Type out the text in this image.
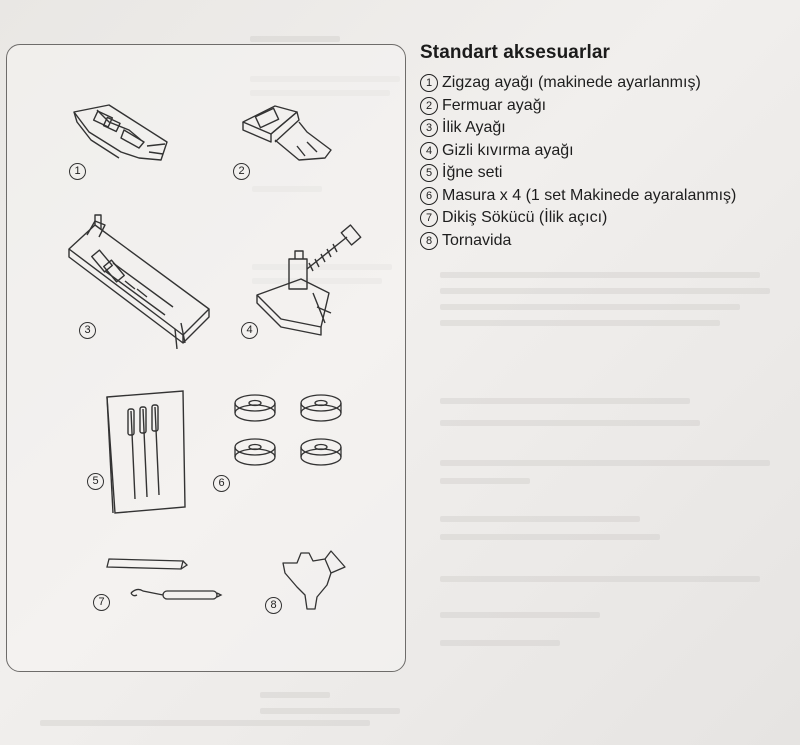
1	2
3	4
5	6
7	8
Standart aksesuarlar
1 Zigzag ayağı (makinede ayarlanmış)
2 Fermuar ayağı
3 İlik Ayağı
4 Gizli kıvırma ayağı
5 İğne seti
6 Masura x 4 (1 set Makinede ayaralanmış)
7 Dikiş Sökücü (İlik açıcı)
8 Tornavida
